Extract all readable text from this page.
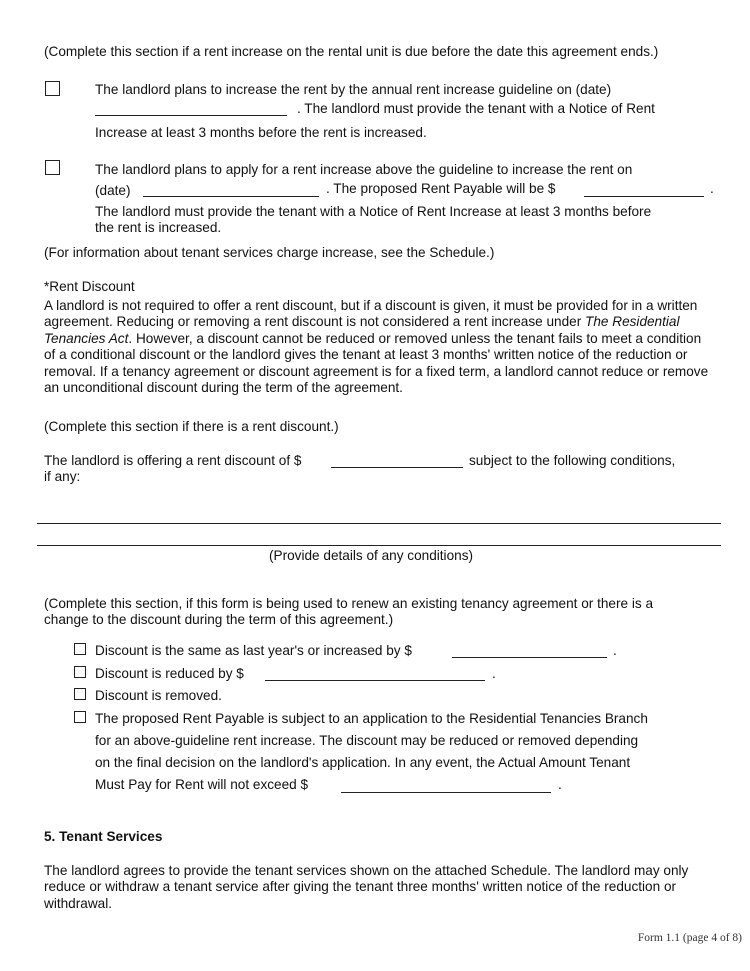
(Complete this section if a rent increase on the rental unit is due before the date this agreement ends.)
The landlord plans to increase the rent by the annual rent increase guideline on (date)
. The landlord must provide the tenant with a Notice of Rent
Increase at least 3 months before the rent is increased.
The landlord plans to apply for a rent increase above the guideline to increase the rent on
(date)	. The proposed Rent Payable will be $	.
The landlord must provide the tenant with a Notice of Rent Increase at least 3 months before
the rent is increased.
(For information about tenant services charge increase, see the Schedule.)
*Rent Discount
A landlord is not required to offer a rent discount, but if a discount is given, it must be provided for in a written agreement. Reducing or removing a rent discount is not considered a rent increase under The Residential Tenancies Act. However, a discount cannot be reduced or removed unless the tenant fails to meet a condition of a conditional discount or the landlord gives the tenant at least 3 months' written notice of the reduction or removal. If a tenancy agreement or discount agreement is for a fixed term, a landlord cannot reduce or remove an unconditional discount during the term of the agreement.
(Complete this section if there is a rent discount.)
The landlord is offering a rent discount of $	subject to the following conditions,
if any:
(Provide details of any conditions)
(Complete this section, if this form is being used to renew an existing tenancy agreement or there is a
change to the discount during the term of this agreement.)
Discount is the same as last year's or increased by $	.
Discount is reduced by $	.
Discount is removed.
The proposed Rent Payable is subject to an application to the Residential Tenancies Branch
for an above-guideline rent increase. The discount may be reduced or removed depending
on the final decision on the landlord's application. In any event, the Actual Amount Tenant
Must Pay for Rent will not exceed $	.
5. Tenant Services
The landlord agrees to provide the tenant services shown on the attached Schedule. The landlord may only reduce or withdraw a tenant service after giving the tenant three months' written notice of the reduction or withdrawal.
Form 1.1 (page 4 of 8)
